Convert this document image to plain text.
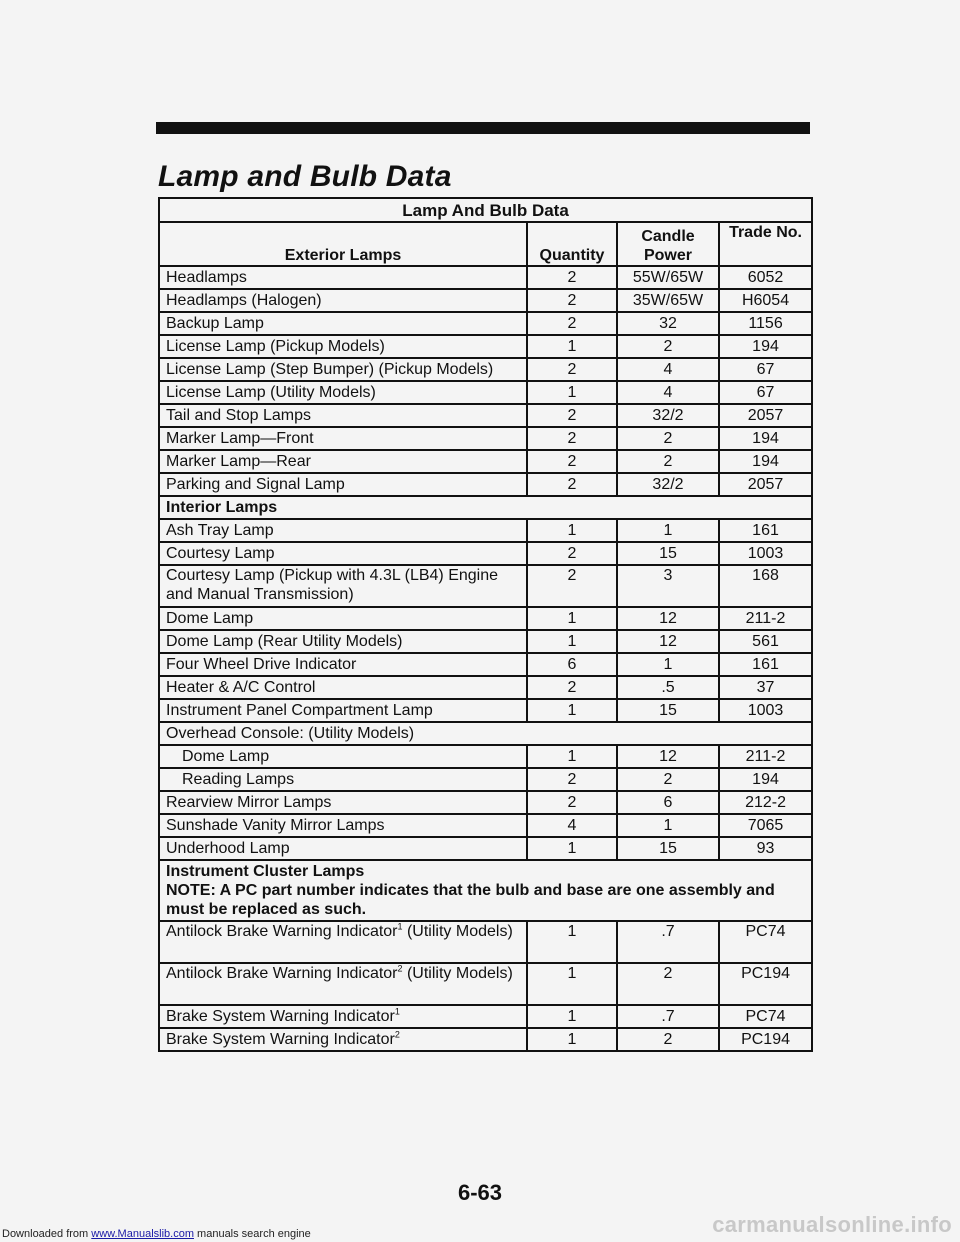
Lamp and Bulb Data
Lamp And Bulb Data			
Exterior Lamps	Quantity	Candle Power	Trade No.
Headlamps	2	55W/65W	6052
Headlamps (Halogen)	2	35W/65W	H6054
Backup Lamp	2	32	1156
License Lamp (Pickup Models)	1	2	194
License Lamp (Step Bumper) (Pickup Models)	2	4	67
License Lamp (Utility Models)	1	4	67
Tail and Stop Lamps	2	32/2	2057
Marker Lamp—Front	2	2	194
Marker Lamp—Rear	2	2	194
Parking and Signal Lamp	2	32/2	2057
Interior Lamps			
Ash Tray Lamp	1	1	161
Courtesy Lamp	2	15	1003
Courtesy Lamp (Pickup with 4.3L (LB4) Engine and Manual Transmission)	2	3	168
Dome Lamp	1	12	211-2
Dome Lamp (Rear Utility Models)	1	12	561
Four Wheel Drive Indicator	6	1	161
Heater & A/C Control	2	.5	37
Instrument Panel Compartment Lamp	1	15	1003
Overhead Console: (Utility Models)			
Dome Lamp	1	12	211-2
Reading Lamps	2	2	194
Rearview Mirror Lamps	2	6	212-2
Sunshade Vanity Mirror Lamps	4	1	7065
Underhood Lamp	1	15	93

Instrument Cluster Lamps
NOTE: A PC part number indicates that the bulb and base are one assembly and must be replaced as such.			

Antilock Brake Warning Indicator$^1$ (Utility Models)	1	.7	PC74
Antilock Brake Warning Indicator$^2$ (Utility Models)	1	2	PC194
Brake System Warning Indicator$^1$	1	.7	PC74
Brake System Warning Indicator$^2$	1	2	PC194
6-63
Downloaded from www.Manualslib.com manuals search engine	carmanualsonline.info
